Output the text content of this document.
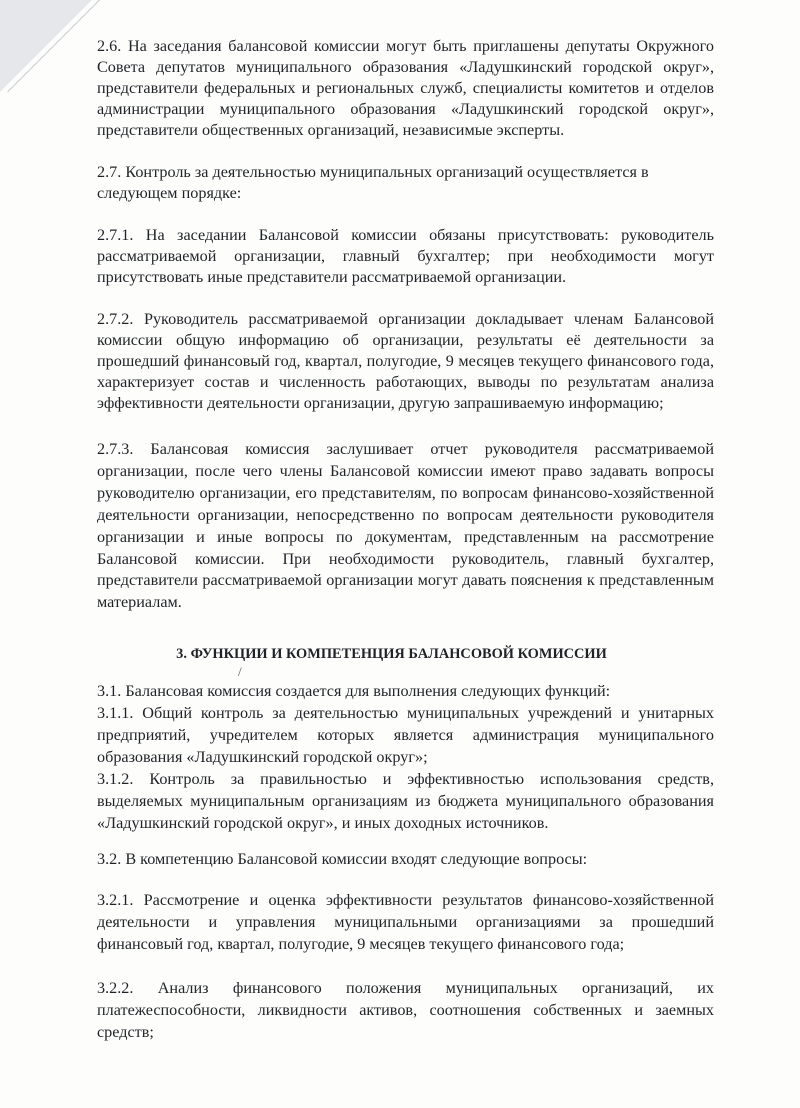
2.6. На заседания балансовой комиссии могут быть приглашены депутаты Окружного Совета депутатов муниципального образования «Ладушкинский городской округ», представители федеральных и региональных служб, специалисты комитетов и отделов администрации муниципального образования «Ладушкинский городской округ», представители общественных организаций, независимые эксперты.

2.7. Контроль за деятельностью муниципальных организаций осуществляется в следующем порядке:

2.7.1. На заседании Балансовой комиссии обязаны присутствовать: руководитель рассматриваемой организации, главный бухгалтер; при необходимости могут присутствовать иные представители рассматриваемой организации.

2.7.2. Руководитель рассматриваемой организации докладывает членам Балансовой комиссии общую информацию об организации, результаты её деятельности за прошедший финансовый год, квартал, полугодие, 9 месяцев текущего финансового года, характеризует состав и численность работающих, выводы по результатам анализа эффективности деятельности организации, другую запрашиваемую информацию;

2.7.3. Балансовая комиссия заслушивает отчет руководителя рассматриваемой организации, после чего члены Балансовой комиссии имеют право задавать вопросы руководителю организации, его представителям, по вопросам финансово-хозяйственной деятельности организации, непосредственно по вопросам деятельности руководителя организации и иные вопросы по документам, представленным на рассмотрение Балансовой комиссии. При необходимости руководитель, главный бухгалтер, представители рассматриваемой организации могут давать пояснения к представленным материалам.

3. ФУНКЦИИ И КОМПЕТЕНЦИЯ БАЛАНСОВОЙ КОМИССИИ

/

3.1. Балансовая комиссия создается для выполнения следующих функций:

3.1.1. Общий контроль за деятельностью муниципальных учреждений и унитарных предприятий, учредителем которых является администрация муниципального образования «Ладушкинский городской округ»;

3.1.2. Контроль за правильностью и эффективностью использования средств, выделяемых муниципальным организациям из бюджета муниципального образования «Ладушкинский городской округ», и иных доходных источников.

3.2. В компетенцию Балансовой комиссии входят следующие вопросы:

3.2.1. Рассмотрение и оценка эффективности результатов финансово-хозяйственной деятельности и управления муниципальными организациями за прошедший финансовый год, квартал, полугодие, 9 месяцев текущего финансового года;

3.2.2. Анализ финансового положения муниципальных организаций, их платежеспособности, ликвидности активов, соотношения собственных и заемных средств;
